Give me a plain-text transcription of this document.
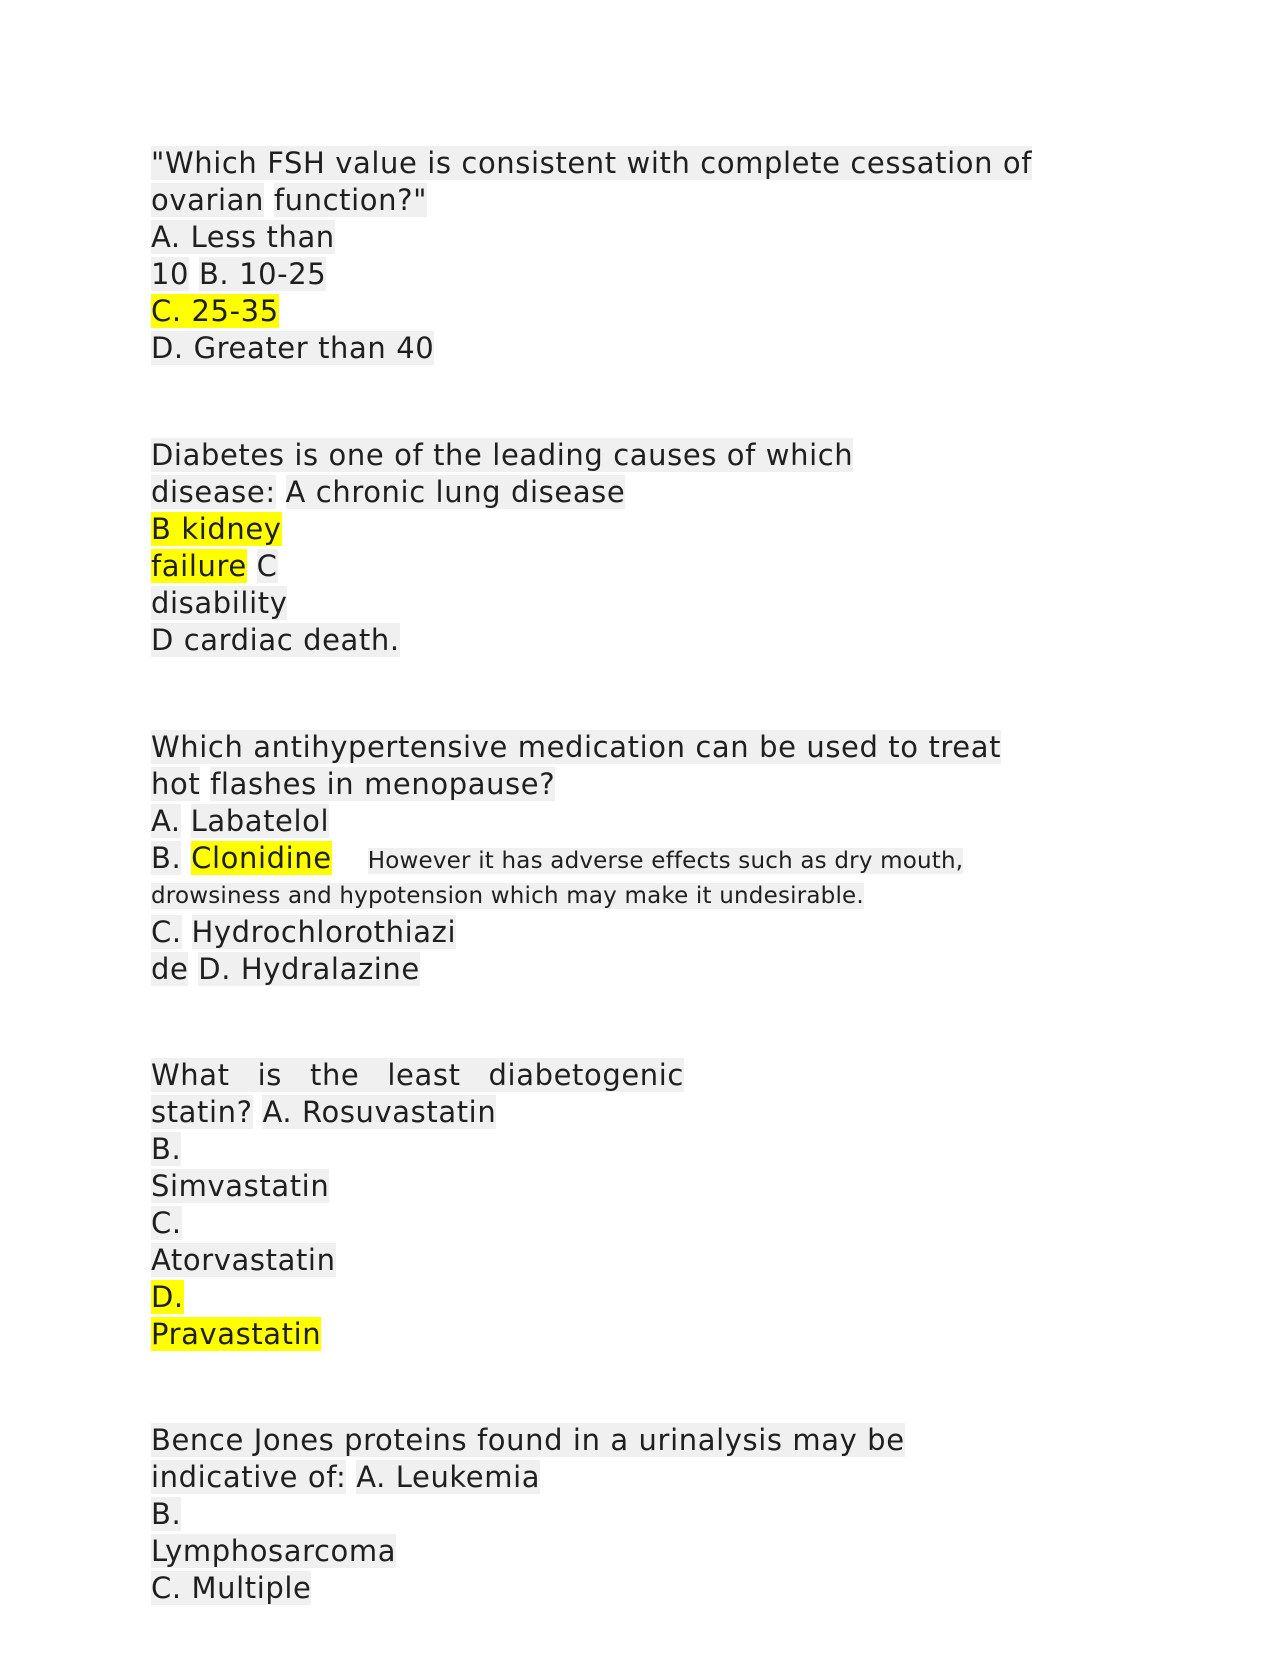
"Which FSH value is consistent with complete cessation of
ovarian function?"
A. Less than
10 B. 10-25
C. 25-35
D. Greater than 40
Diabetes is one of the leading causes of which
disease: A chronic lung disease
B kidney
failure C
disability
D cardiac death.
Which antihypertensive medication can be used to treat
hot flashes in menopause?
A. Labatelol
B. Clonidine However it has adverse effects such as dry mouth,
drowsiness and hypotension which may make it undesirable.
C. Hydrochlorothiazi
de D. Hydralazine
What is the least diabetogenic
statin? A. Rosuvastatin
B.
Simvastatin
C.
Atorvastatin
D.
Pravastatin
Bence Jones proteins found in a urinalysis may be
indicative of: A. Leukemia
B.
Lymphosarcoma
C. Multiple
